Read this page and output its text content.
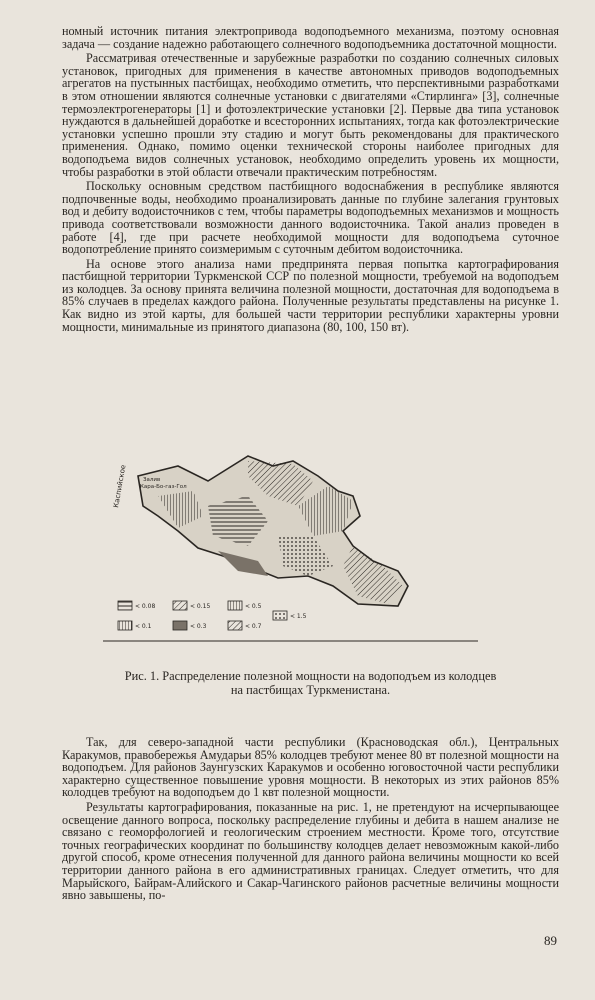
номный источник питания электропривода водоподъемного механизма, поэтому основная задача — создание надежно работающего солнечного водоподъемника достаточной мощности.

Рассматривая отечественные и зарубежные разработки по созданию солнечных силовых установок, пригодных для применения в качестве автономных приводов водоподъемных агрегатов на пустынных пастбищах, необходимо отметить, что перспективными разработками в этом отношении являются солнечные установки с двигателями «Стирлинга» [3], солнечные термоэлектрогенераторы [1] и фотоэлектрические установки [2]. Первые два типа установок нуждаются в дальнейшей доработке и всесторонних испытаниях, тогда как фотоэлектрические установки успешно прошли эту стадию и могут быть рекомендованы для практического применения. Однако, помимо оценки технической стороны наиболее пригодных для водоподъема видов солнечных установок, необходимо определить уровень их мощности, чтобы разработки в этой области отвечали практическим потребностям.

Поскольку основным средством пастбищного водоснабжения в республике являются подпочвенные воды, необходимо проанализировать данные по глубине залегания грунтовых вод и дебиту водоисточников с тем, чтобы параметры водоподъемных механизмов и мощность привода соответствовали возможности данного водоисточника. Такой анализ проведен в работе [4], где при расчете необходимой мощности для водоподъема суточное водопотребление принято соизмеримым с суточным дебитом водоисточника.

На основе этого анализа нами предпринята первая попытка картографирования пастбищной территории Туркменской ССР по полезной мощности, требуемой на водоподъем из колодцев. За основу принята величина полезной мощности, достаточная для водоподъема в 85% случаев в пределах каждого района. Полученные результаты представлены на рисунке 1. Как видно из этой карты, для большей части территории республики характерны уровни мощности, минимальные из принятого диапазона (80, 100, 150 вт).

Каспийское Кара-Бо-газ-Гол
Залив
< 0.08	< 0.15	< 0.5
< 1.5
< 0.1	< 0.3	< 0.7
Рис. 1. Распределение полезной мощности на водоподъем из колодцев
на пастбищах Туркменистана.

Так, для северо-западной части республики (Красноводская обл.), Центральных Каракумов, правобережья Амударьи 85% колодцев требуют менее 80 вт полезной мощности на водоподъем. Для районов Заунгузских Каракумов и особенно юговосточной части республики характерно существенное повышение уровня мощности. В некоторых из этих районов 85% колодцев требуют на водоподъем до 1 квт полезной мощности.

Результаты картографирования, показанные на рис. 1, не претендуют на исчерпывающее освещение данного вопроса, поскольку распределение глубины и дебита в нашем анализе не связано с геоморфологией и геологическим строением местности. Кроме того, отсутствие точных географических координат по большинству колодцев делает невозможным какой-либо другой способ, кроме отнесения полученной для данного района величины мощности ко всей территории данного района в его административных границах. Следует отметить, что для Марыйского, Байрам-Алийского и Сакар-Чагинского районов расчетные величины мощности явно завышены, по-

89
